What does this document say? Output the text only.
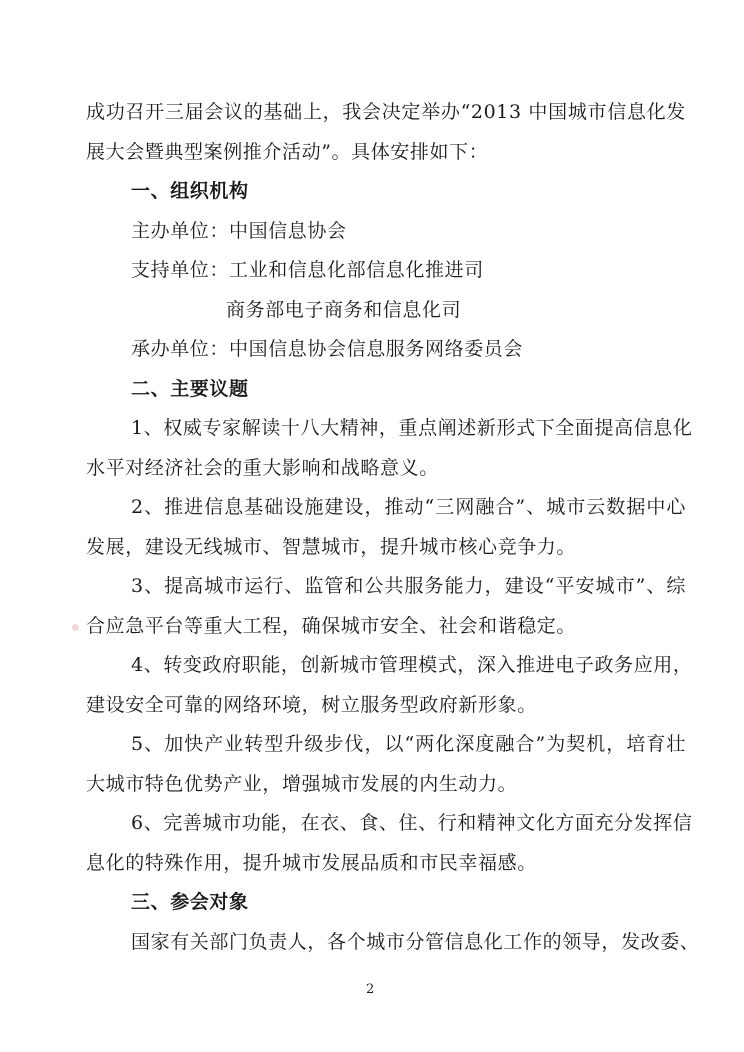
成功召开三届会议的基础上，我会决定举办“2013 中国城市信息化发
展大会暨典型案例推介活动”。具体安排如下：
一、组织机构
主办单位：中国信息协会
支持单位：工业和信息化部信息化推进司
商务部电子商务和信息化司
承办单位：中国信息协会信息服务网络委员会
二、主要议题
1、权威专家解读十八大精神，重点阐述新形式下全面提高信息化
水平对经济社会的重大影响和战略意义。
2、推进信息基础设施建设，推动“三网融合”、城市云数据中心
发展，建设无线城市、智慧城市，提升城市核心竞争力。
3、提高城市运行、监管和公共服务能力，建设“平安城市”、综
合应急平台等重大工程，确保城市安全、社会和谐稳定。
4、转变政府职能，创新城市管理模式，深入推进电子政务应用，
建设安全可靠的网络环境，树立服务型政府新形象。
5、加快产业转型升级步伐，以“两化深度融合”为契机，培育壮
大城市特色优势产业，增强城市发展的内生动力。
6、完善城市功能，在衣、食、住、行和精神文化方面充分发挥信
息化的特殊作用，提升城市发展品质和市民幸福感。
三、参会对象
国家有关部门负责人，各个城市分管信息化工作的领导，发改委、
2
